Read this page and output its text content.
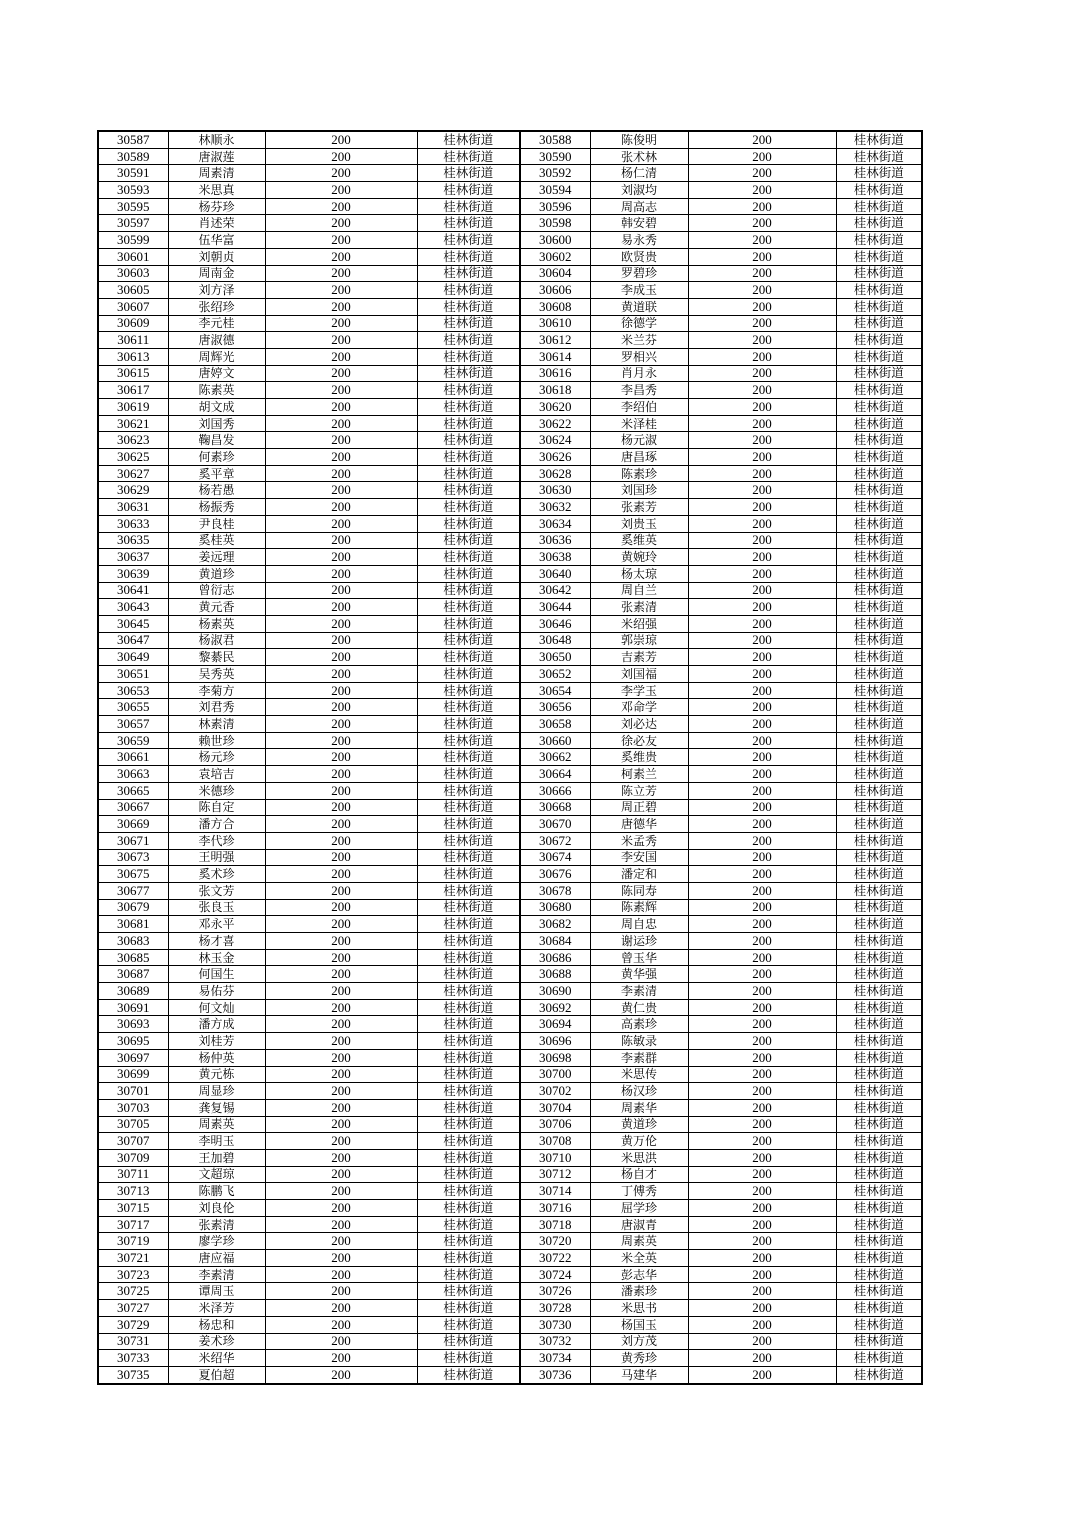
30587	林顺永	200	桂林街道	30588	陈俊明	200	桂林街道
30589	唐淑莲	200	桂林街道	30590	张术林	200	桂林街道
30591	周素清	200	桂林街道	30592	杨仁清	200	桂林街道
30593	米思真	200	桂林街道	30594	刘淑均	200	桂林街道
30595	杨芬珍	200	桂林街道	30596	周高志	200	桂林街道
30597	肖述荣	200	桂林街道	30598	韩安碧	200	桂林街道
30599	伍华富	200	桂林街道	30600	易永秀	200	桂林街道
30601	刘朝贞	200	桂林街道	30602	欧贤贵	200	桂林街道
30603	周南金	200	桂林街道	30604	罗碧珍	200	桂林街道
30605	刘方泽	200	桂林街道	30606	李成玉	200	桂林街道
30607	张绍珍	200	桂林街道	30608	黄道联	200	桂林街道
30609	李元桂	200	桂林街道	30610	徐德学	200	桂林街道
30611	唐淑德	200	桂林街道	30612	米兰芬	200	桂林街道
30613	周辉光	200	桂林街道	30614	罗相兴	200	桂林街道
30615	唐婷文	200	桂林街道	30616	肖月永	200	桂林街道
30617	陈素英	200	桂林街道	30618	李昌秀	200	桂林街道
30619	胡文成	200	桂林街道	30620	李绍伯	200	桂林街道
30621	刘国秀	200	桂林街道	30622	米泽桂	200	桂林街道
30623	鞠昌发	200	桂林街道	30624	杨元淑	200	桂林街道
30625	何素珍	200	桂林街道	30626	唐昌琢	200	桂林街道
30627	奚平章	200	桂林街道	30628	陈素珍	200	桂林街道
30629	杨若愚	200	桂林街道	30630	刘国珍	200	桂林街道
30631	杨振秀	200	桂林街道	30632	张素芳	200	桂林街道
30633	尹良桂	200	桂林街道	30634	刘贵玉	200	桂林街道
30635	奚桂英	200	桂林街道	30636	奚维英	200	桂林街道
30637	姜远理	200	桂林街道	30638	黄婉玲	200	桂林街道
30639	黄道珍	200	桂林街道	30640	杨太琼	200	桂林街道
30641	曾衍志	200	桂林街道	30642	周自兰	200	桂林街道
30643	黄元香	200	桂林街道	30644	张素清	200	桂林街道
30645	杨素英	200	桂林街道	30646	米绍强	200	桂林街道
30647	杨淑君	200	桂林街道	30648	郭崇琼	200	桂林街道
30649	黎綦民	200	桂林街道	30650	吉素芳	200	桂林街道
30651	吴秀英	200	桂林街道	30652	刘国福	200	桂林街道
30653	李菊方	200	桂林街道	30654	李学玉	200	桂林街道
30655	刘君秀	200	桂林街道	30656	邓命学	200	桂林街道
30657	林素清	200	桂林街道	30658	刘必达	200	桂林街道
30659	赖世珍	200	桂林街道	30660	徐必友	200	桂林街道
30661	杨元珍	200	桂林街道	30662	奚维贵	200	桂林街道
30663	袁培吉	200	桂林街道	30664	柯素兰	200	桂林街道
30665	米德珍	200	桂林街道	30666	陈立芳	200	桂林街道
30667	陈自定	200	桂林街道	30668	周正碧	200	桂林街道
30669	潘方合	200	桂林街道	30670	唐德华	200	桂林街道
30671	李代珍	200	桂林街道	30672	米孟秀	200	桂林街道
30673	王明强	200	桂林街道	30674	李安国	200	桂林街道
30675	奚术珍	200	桂林街道	30676	潘定和	200	桂林街道
30677	张文芳	200	桂林街道	30678	陈同寿	200	桂林街道
30679	张良玉	200	桂林街道	30680	陈素辉	200	桂林街道
30681	邓永平	200	桂林街道	30682	周自忠	200	桂林街道
30683	杨才喜	200	桂林街道	30684	谢运珍	200	桂林街道
30685	林玉金	200	桂林街道	30686	曾玉华	200	桂林街道
30687	何国生	200	桂林街道	30688	黄华强	200	桂林街道
30689	易佑芬	200	桂林街道	30690	李素清	200	桂林街道
30691	何文灿	200	桂林街道	30692	黄仁贵	200	桂林街道
30693	潘方成	200	桂林街道	30694	高素珍	200	桂林街道
30695	刘桂芳	200	桂林街道	30696	陈敏录	200	桂林街道
30697	杨仲英	200	桂林街道	30698	李素群	200	桂林街道
30699	黄元栋	200	桂林街道	30700	米思传	200	桂林街道
30701	周显珍	200	桂林街道	30702	杨汉珍	200	桂林街道
30703	龚复锡	200	桂林街道	30704	周素华	200	桂林街道
30705	周素英	200	桂林街道	30706	黄道珍	200	桂林街道
30707	李明玉	200	桂林街道	30708	黄万伦	200	桂林街道
30709	王加碧	200	桂林街道	30710	米思洪	200	桂林街道
30711	文超琼	200	桂林街道	30712	杨自才	200	桂林街道
30713	陈鹏飞	200	桂林街道	30714	丁傅秀	200	桂林街道
30715	刘良伦	200	桂林街道	30716	屈学珍	200	桂林街道
30717	张素清	200	桂林街道	30718	唐淑青	200	桂林街道
30719	廖学珍	200	桂林街道	30720	周素英	200	桂林街道
30721	唐应福	200	桂林街道	30722	米全英	200	桂林街道
30723	李素清	200	桂林街道	30724	彭志华	200	桂林街道
30725	谭周玉	200	桂林街道	30726	潘素珍	200	桂林街道
30727	米泽芳	200	桂林街道	30728	米思书	200	桂林街道
30729	杨忠和	200	桂林街道	30730	杨国玉	200	桂林街道
30731	姜术珍	200	桂林街道	30732	刘方茂	200	桂林街道
30733	米绍华	200	桂林街道	30734	黄秀珍	200	桂林街道
30735	夏伯超	200	桂林街道	30736	马建华	200	桂林街道
